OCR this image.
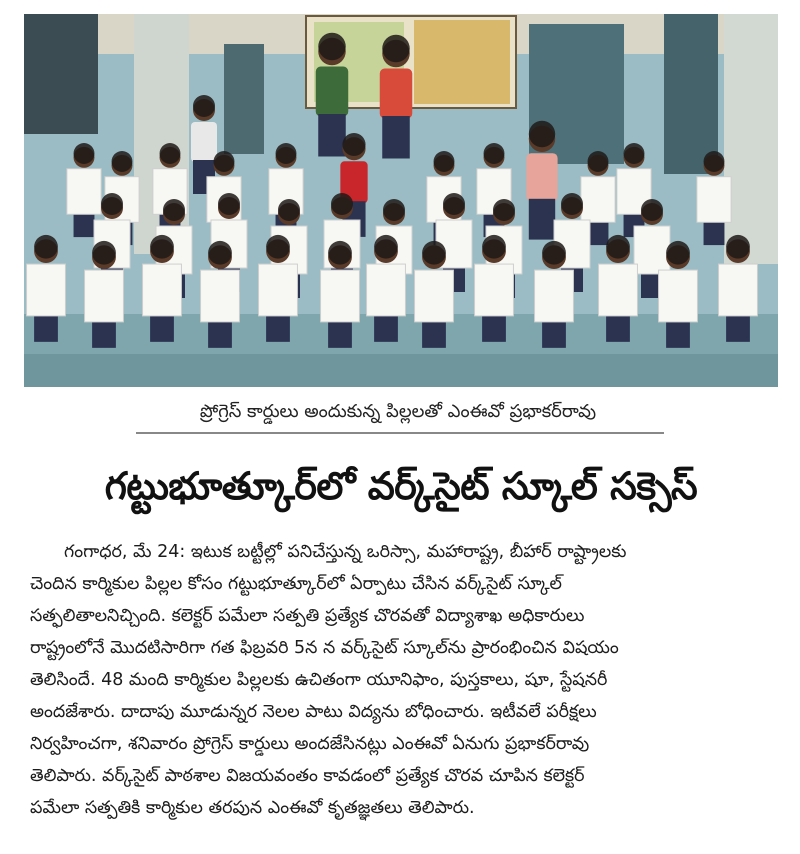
ప్రోగ్రెస్ కార్డులు అందుకున్న పిల్లలతో ఎంఈవో ప్రభాకర్‌రావు
గట్టుభూత్కూర్‌లో వర్క్‌సైట్ స్కూల్ సక్సెస్
గంగాధర, మే 24: ఇటుక బట్టీల్లో పనిచేస్తున్న ఒరిస్సా, మహారాష్ట్ర, బీహార్ రాష్ట్రాలకు
చెందిన కార్మికుల పిల్లల కోసం గట్టుభూత్కూర్‌లో ఏర్పాటు చేసిన వర్క్‌సైట్ స్కూల్
సత్ఫలితాలనిచ్చింది. కలెక్టర్ పమేలా సత్పతి ప్రత్యేక చొరవతో విద్యాశాఖ అధికారులు
రాష్ట్రంలోనే మొదటిసారిగా గత ఫిబ్రవరి 5న న వర్క్‌సైట్ స్కూల్‌ను ప్రారంభించిన విషయం
తెలిసిందే. 48 మంది కార్మికుల పిల్లలకు ఉచితంగా యూనిఫాం, పుస్తకాలు, షూ, స్టేషనరీ
అందజేశారు. దాదాపు మూడున్నర నెలల పాటు విద్యను బోధించారు. ఇటీవలే పరీక్షలు
నిర్వహించగా, శనివారం ప్రోగ్రెస్ కార్డులు అందజేసినట్లు ఎంఈవో ఏనుగు ప్రభాకర్‌రావు
తెలిపారు. వర్క్‌సైట్ పాఠశాల విజయవంతం కావడంలో ప్రత్యేక చొరవ చూపిన కలెక్టర్
పమేలా సత్పతికి కార్మికుల తరపున ఎంఈవో కృతజ్ఞతలు తెలిపారు.
